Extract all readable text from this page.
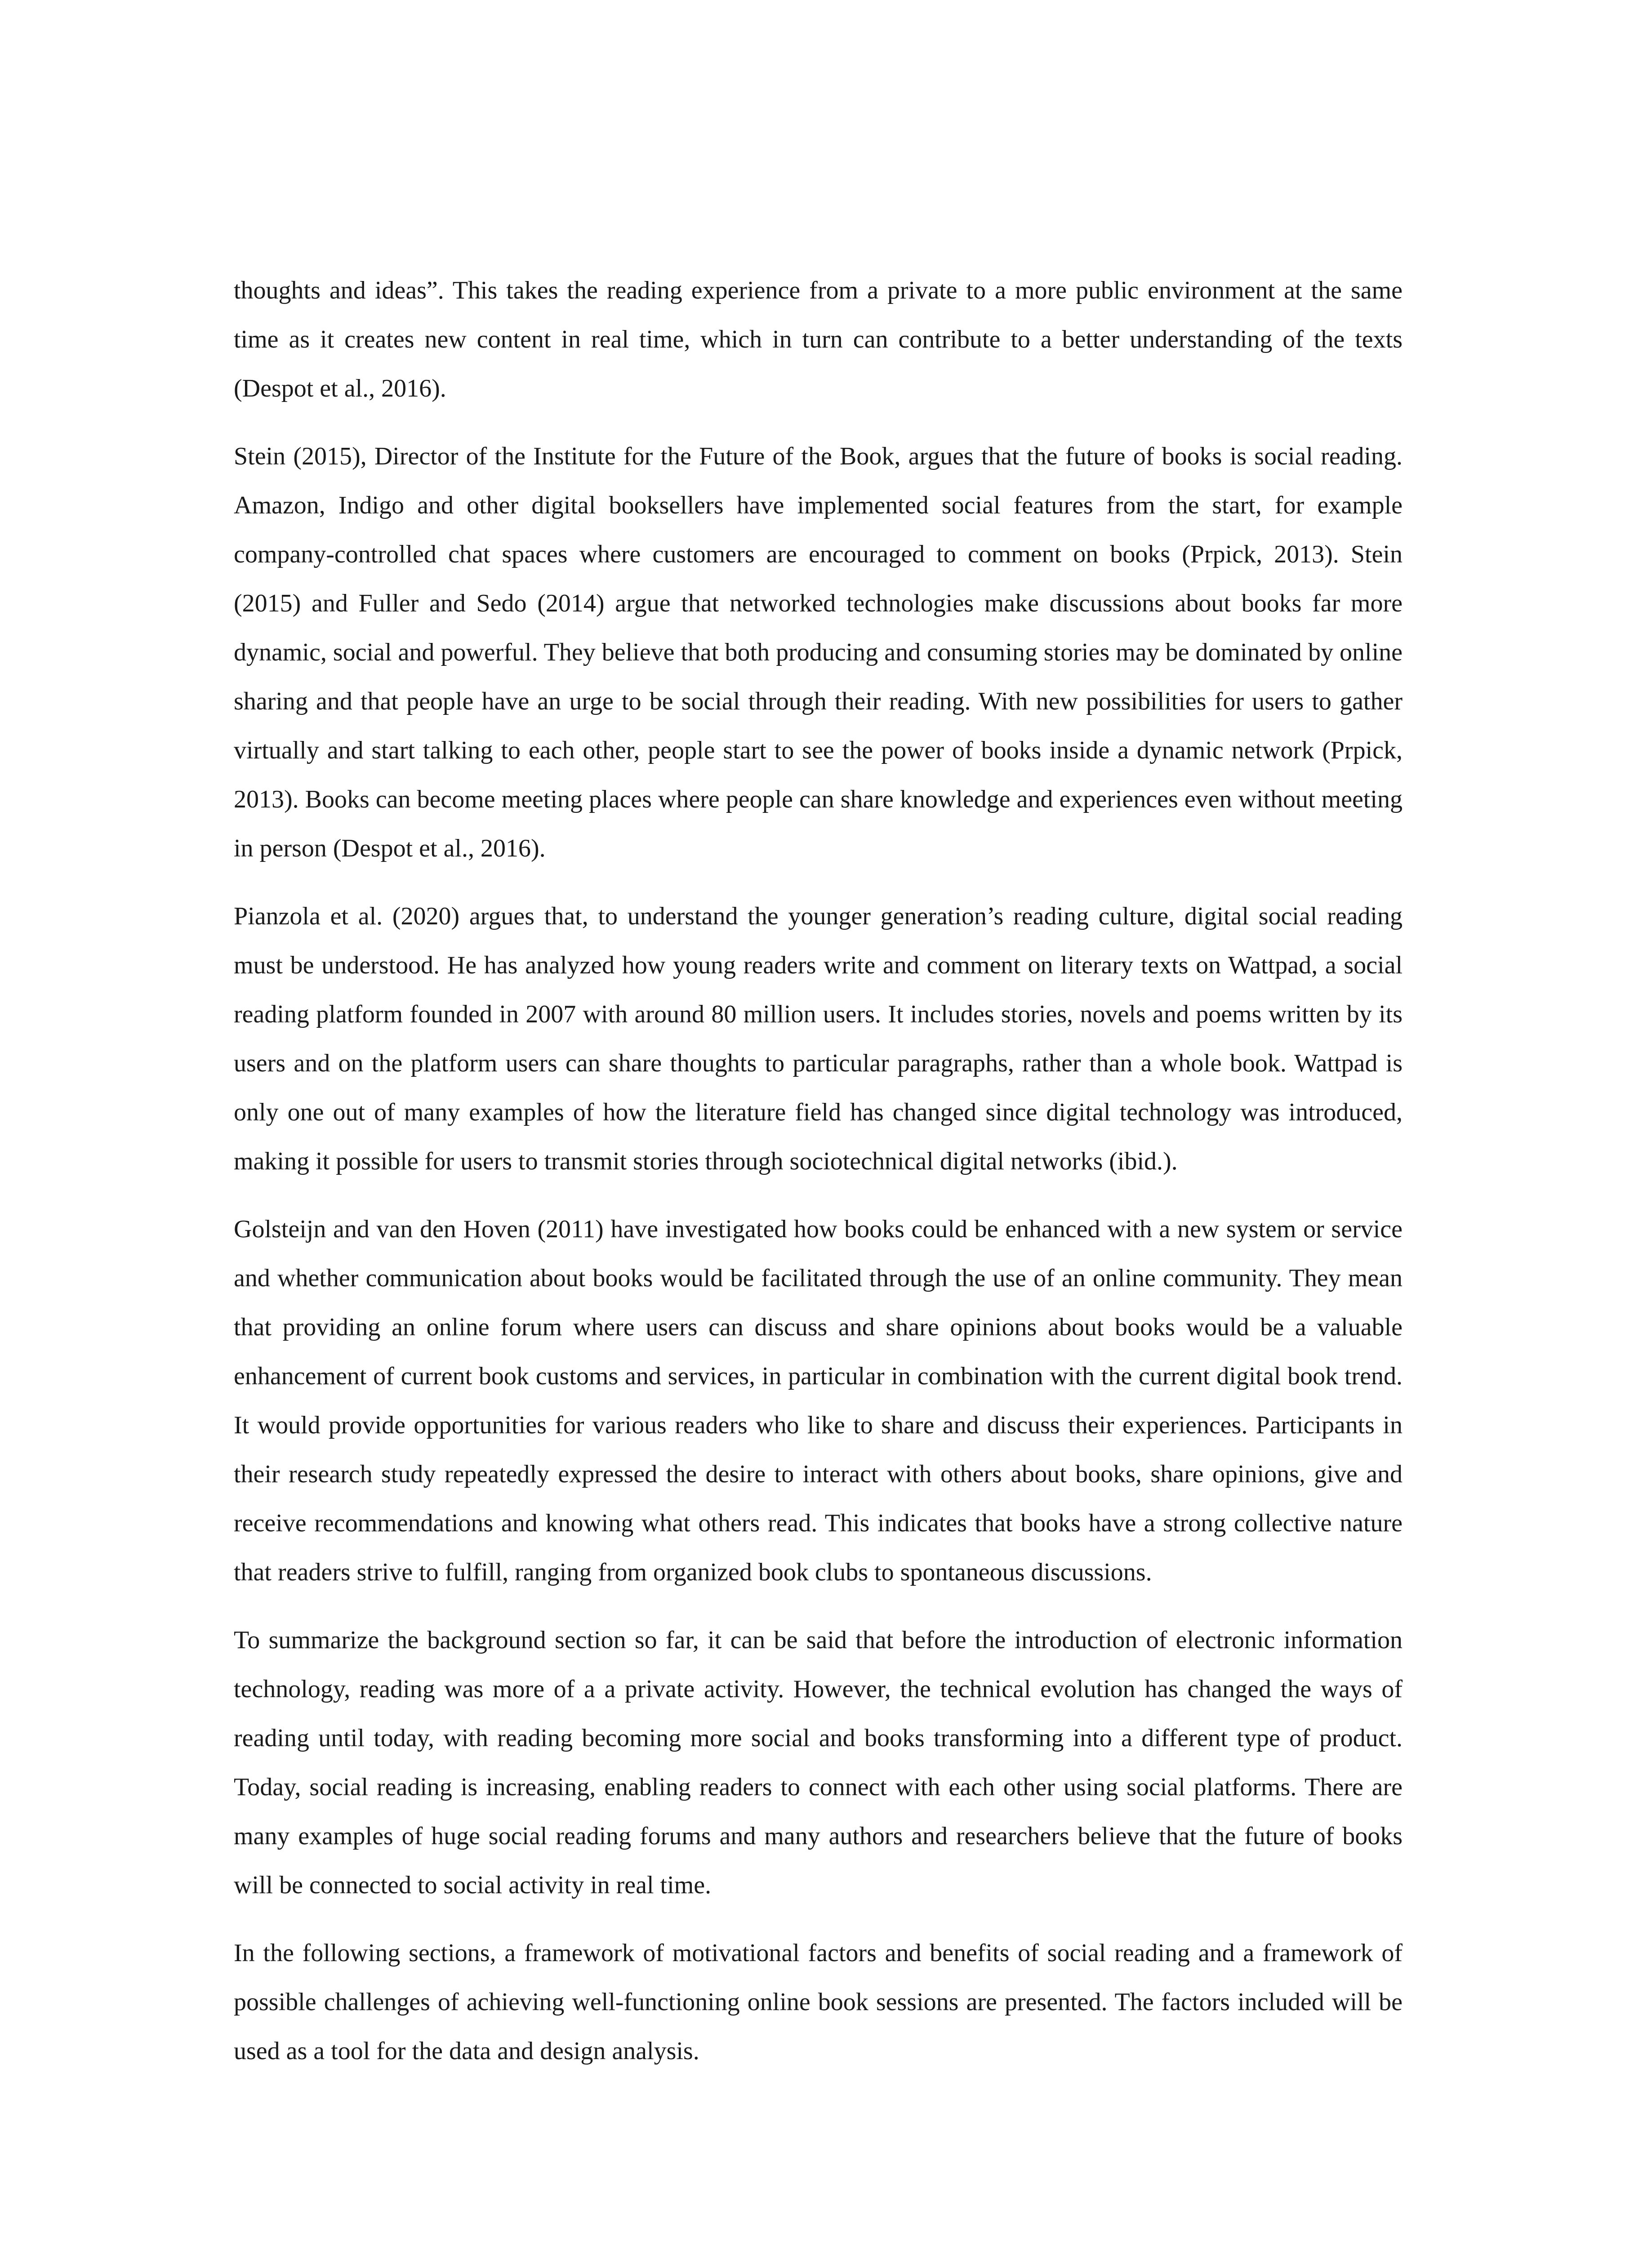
thoughts and ideas”. This takes the reading experience from a private to a more public environment at the same time as it creates new content in real time, which in turn can contribute to a better understanding of the texts (Despot et al., 2016).

Stein (2015), Director of the Institute for the Future of the Book, argues that the future of books is social reading. Amazon, Indigo and other digital booksellers have implemented social features from the start, for example company-controlled chat spaces where customers are encouraged to comment on books (Prpick, 2013). Stein (2015) and Fuller and Sedo (2014) argue that networked technologies make discussions about books far more dynamic, social and powerful. They believe that both producing and consuming stories may be dominated by online sharing and that people have an urge to be social through their reading. With new possibilities for users to gather virtually and start talking to each other, people start to see the power of books inside a dynamic network (Prpick, 2013). Books can become meeting places where people can share knowledge and experiences even without meeting in person (Despot et al., 2016).

Pianzola et al. (2020) argues that, to understand the younger generation’s reading culture, digital social reading must be understood. He has analyzed how young readers write and comment on literary texts on Wattpad, a social reading platform founded in 2007 with around 80 million users. It includes stories, novels and poems written by its users and on the platform users can share thoughts to particular paragraphs, rather than a whole book. Wattpad is only one out of many examples of how the literature field has changed since digital technology was introduced, making it possible for users to transmit stories through sociotechnical digital networks (ibid.).

Golsteijn and van den Hoven (2011) have investigated how books could be enhanced with a new system or service and whether communication about books would be facilitated through the use of an online community. They mean that providing an online forum where users can discuss and share opinions about books would be a valuable enhancement of current book customs and services, in particular in combination with the current digital book trend. It would provide opportunities for various readers who like to share and discuss their experiences. Participants in their research study repeatedly expressed the desire to interact with others about books, share opinions, give and receive recommendations and knowing what others read. This indicates that books have a strong collective nature that readers strive to fulfill, ranging from organized book clubs to spontaneous discussions.

To summarize the background section so far, it can be said that before the introduction of electronic information technology, reading was more of a a private activity. However, the technical evolution has changed the ways of reading until today, with reading becoming more social and books transforming into a different type of product. Today, social reading is increasing, enabling readers to connect with each other using social platforms. There are many examples of huge social reading forums and many authors and researchers believe that the future of books will be connected to social activity in real time.

In the following sections, a framework of motivational factors and benefits of social reading and a framework of possible challenges of achieving well-functioning online book sessions are presented. The factors included will be used as a tool for the data and design analysis.
